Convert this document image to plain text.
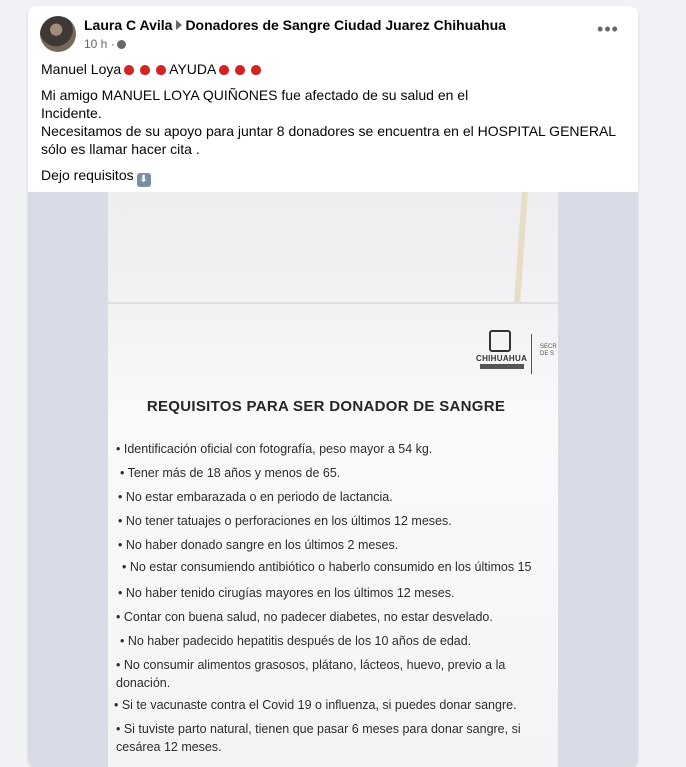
Laura C Avila Donadores de Sangre Ciudad Juarez Chihuahua
10 h ·
•••

Manuel Loya	AYUDA

Mi amigo MANUEL LOYA QUIÑONES fue afectado de su salud en el

Incidente.

Necesitamos de su apoyo para juntar 8 donadores se encuentra en el HOSPITAL GENERAL

sólo es llamar hacer cita .

Dejo requisitos ⬇

CHIHUAHUA
SECR
DE S
REQUISITOS PARA SER DONADOR DE SANGRE
• Identificación oficial con fotografía, peso mayor a 54 kg.
• Tener más de 18 años y menos de 65.
• No estar embarazada o en periodo de lactancia.
• No tener tatuajes o perforaciones en los últimos 12 meses.
• No haber donado sangre en los últimos 2 meses.
• No estar consumiendo antibiótico o haberlo consumido en los últimos 15
• No haber tenido cirugías mayores en los últimos 12 meses.
• Contar con buena salud, no padecer diabetes, no estar desvelado.
• No haber padecido hepatitis después de los 10 años de edad.
• No consumir alimentos grasosos, plátano, lácteos, huevo, previo a la donación.
• Si te vacunaste contra el Covid 19 o influenza, si puedes donar sangre.
• Si tuviste parto natural, tienen que pasar 6 meses para donar sangre, si cesárea 12 meses.
